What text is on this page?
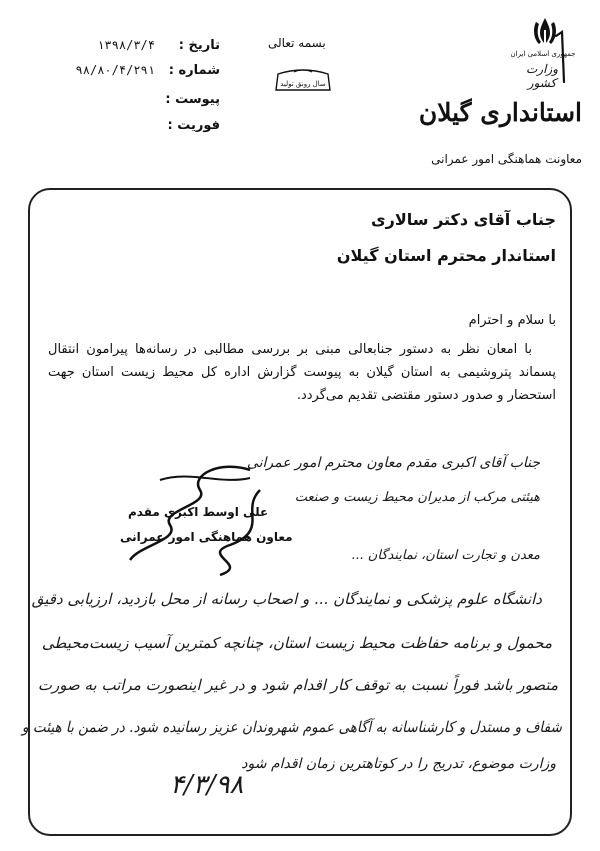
جمهوری اسلامی ایران
وزارت کشور
استانداری گیلان
معاونت هماهنگی امور عمرانی
بسمه تعالی
سال رونق تولید
تاریخ :
۱۳۹۸/۳/۴
شماره :
۹۸/۸۰/۴/۲۹۱
پیوست :
فوریت :
جناب آقای دکتر سالاری
استاندار محترم استان گیلان
با سلام و احترام
با امعان نظر به دستور جنابعالی مبنی بر بررسی مطالبی در رسانه‌ها پیرامون انتقال پسماند پتروشیمی به استان گیلان به پیوست گزارش اداره کل محیط زیست استان جهت استحضار و صدور دستور مقتضی تقدیم می‌گردد.
علی اوسط اکبری مقدم
معاون هماهنگی امور عمرانی
جناب آقای اکبری مقدم معاون محترم امور عمرانی
هیئتی مرکب از مدیران محیط زیست و صنعت
معدن و تجارت استان، نمایندگان ...
دانشگاه علوم پزشکی و نمایندگان ... و اصحاب رسانه از محل بازدید، ارزیابی دقیق
محمول و برنامه حفاظت محیط زیست استان، چنانچه کمترین آسیب زیست‌محیطی
متصور باشد فوراً نسبت به توقف کار اقدام شود و در غیر اینصورت مراتب به صورت
شفاف و مستدل و کارشناسانه به آگاهی عموم شهروندان عزیز رسانیده شود. در ضمن با هیئت و
وزارت موضوع، تدریج را در کوتاهترین زمان اقدام شود
۴/۳/۹۸
